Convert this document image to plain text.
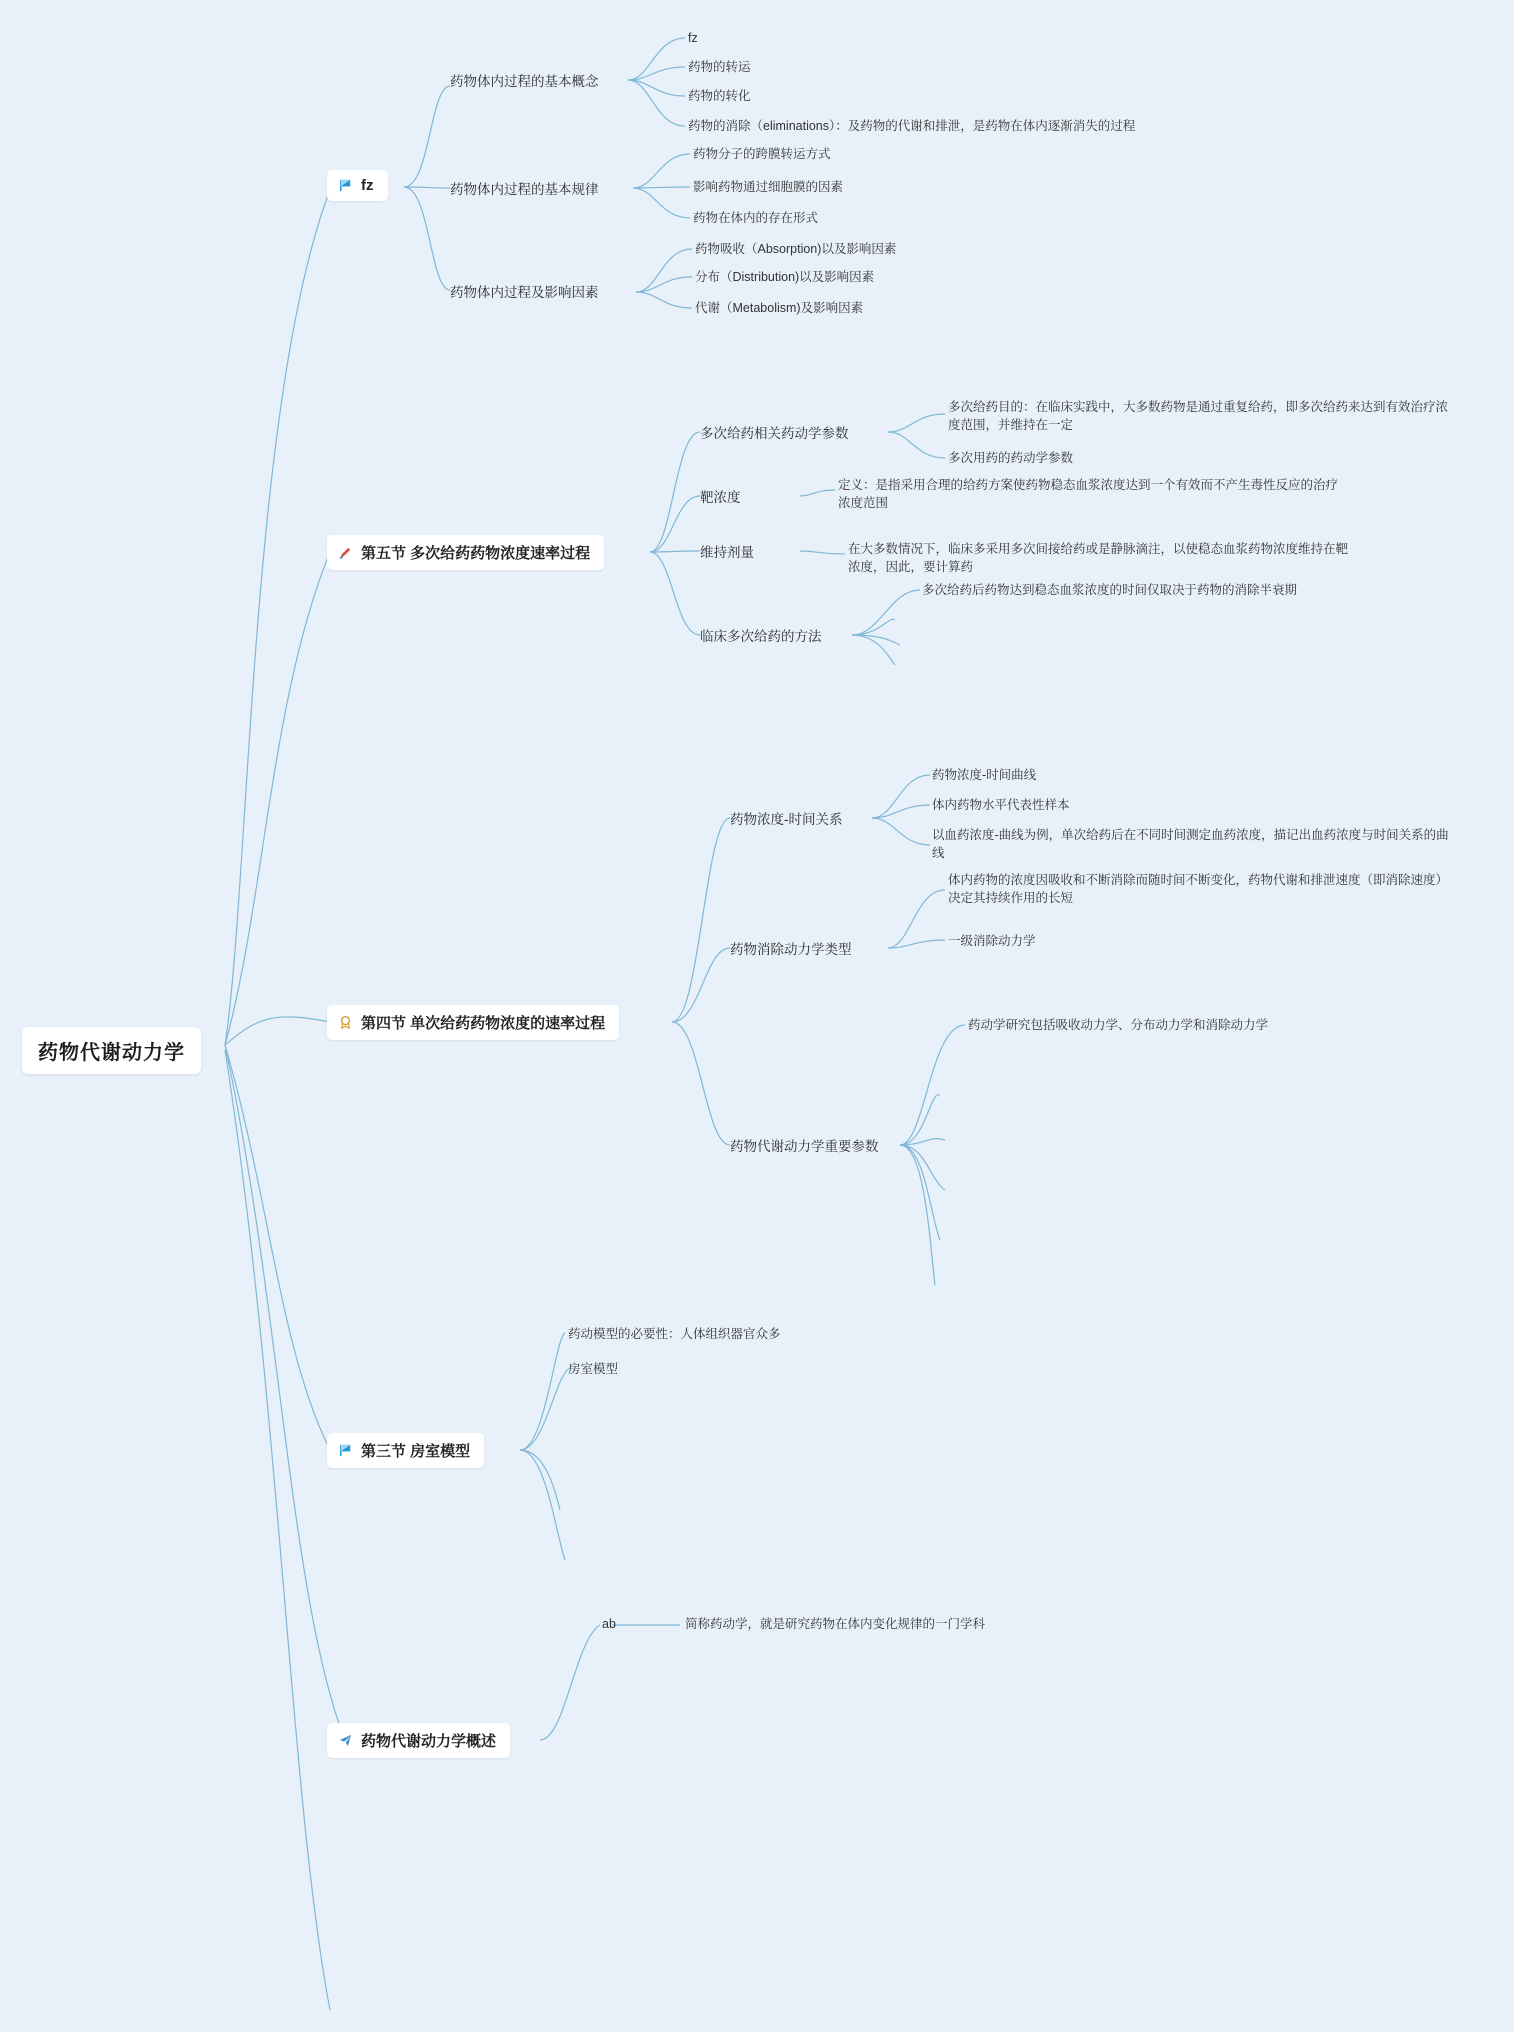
药物代谢动力学
fz
药物体内过程的基本概念
药物体内过程的基本规律
药物体内过程及影响因素
fz
药物的转运
药物的转化
药物的消除（eliminations）：及药物的代谢和排泄，是药物在体内逐渐消失的过程
药物分子的跨膜转运方式
影响药物通过细胞膜的因素
药物在体内的存在形式
药物吸收（Absorption)以及影响因素
分布（Distribution)以及影响因素
代谢（Metabolism)及影响因素
第五节 多次给药药物浓度速率过程
多次给药相关药动学参数
靶浓度
维持剂量
临床多次给药的方法
多次给药目的：在临床实践中，大多数药物是通过重复给药，即多次给药来达到有效治疗浓度范围，并维持在一定
多次用药的药动学参数
定义：是指采用合理的给药方案使药物稳态血浆浓度达到一个有效而不产生毒性反应的治疗浓度范围
在大多数情况下，临床多采用多次间接给药或是静脉滴注，以使稳态血浆药物浓度维持在靶浓度，因此，要计算药
多次给药后药物达到稳态血浆浓度的时间仅取决于药物的消除半衰期
第四节 单次给药药物浓度的速率过程
药物浓度-时间关系
药物消除动力学类型
药物代谢动力学重要参数
药物浓度-时间曲线
体内药物水平代表性样本
以血药浓度-曲线为例，单次给药后在不同时间测定血药浓度，描记出血药浓度与时间关系的曲线
体内药物的浓度因吸收和不断消除而随时间不断变化，药物代谢和排泄速度（即消除速度）决定其持续作用的长短
一级消除动力学
药动学研究包括吸收动力学、分布动力学和消除动力学
第三节 房室模型
药动模型的必要性：人体组织器官众多
房室模型
药物代谢动力学概述
ab	简称药动学，就是研究药物在体内变化规律的一门学科
